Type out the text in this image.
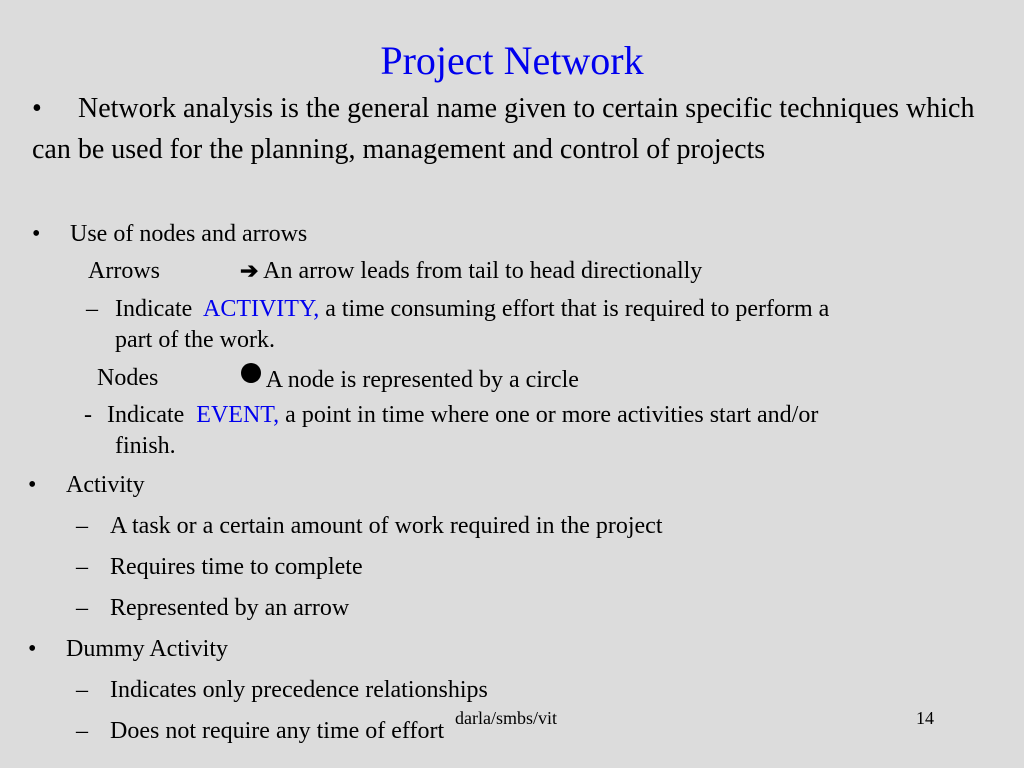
Project Network
• Network analysis is the general name given to certain specific techniques which can be used for the planning, management and control of projects
• Use of nodes and arrows
Arrows	➔ An arrow leads from tail to head directionally
– Indicate ACTIVITY, a time consuming effort that is required to perform a
part of the work.
Nodes	A node is represented by a circle
- Indicate EVENT, a point in time where one or more activities start and/or
finish.
• Activity
– A task or a certain amount of work required in the project
– Requires time to complete
– Represented by an arrow
• Dummy Activity
– Indicates only precedence relationships
– Does not require any time of effort darla/smbs/vit	14
